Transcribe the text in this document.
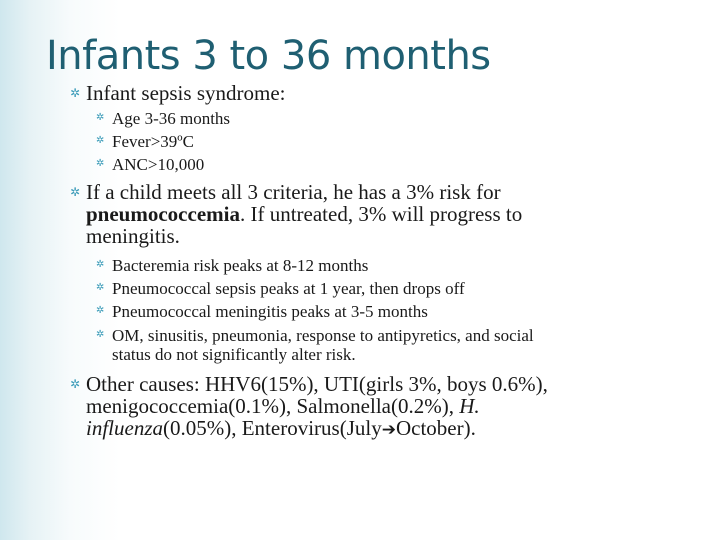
Infants 3 to 36 months
✲ Infant sepsis syndrome:
✲ Age 3-36 months
✲ Fever>39ºC
✲ ANC>10,000
✲ If a child meets all 3 criteria, he has a 3% risk for
pneumococcemia. If untreated, 3% will progress to
meningitis.
✲ Bacteremia risk peaks at 8-12 months
✲ Pneumococcal sepsis peaks at 1 year, then drops off
✲ Pneumococcal meningitis peaks at 3-5 months
✲ OM, sinusitis, pneumonia, response to antipyretics, and social
status do not significantly alter risk.
✲ Other causes: HHV6(15%), UTI(girls 3%, boys 0.6%),
menigococcemia(0.1%), Salmonella(0.2%), H.
influenza(0.05%), Enterovirus(July➔October).
